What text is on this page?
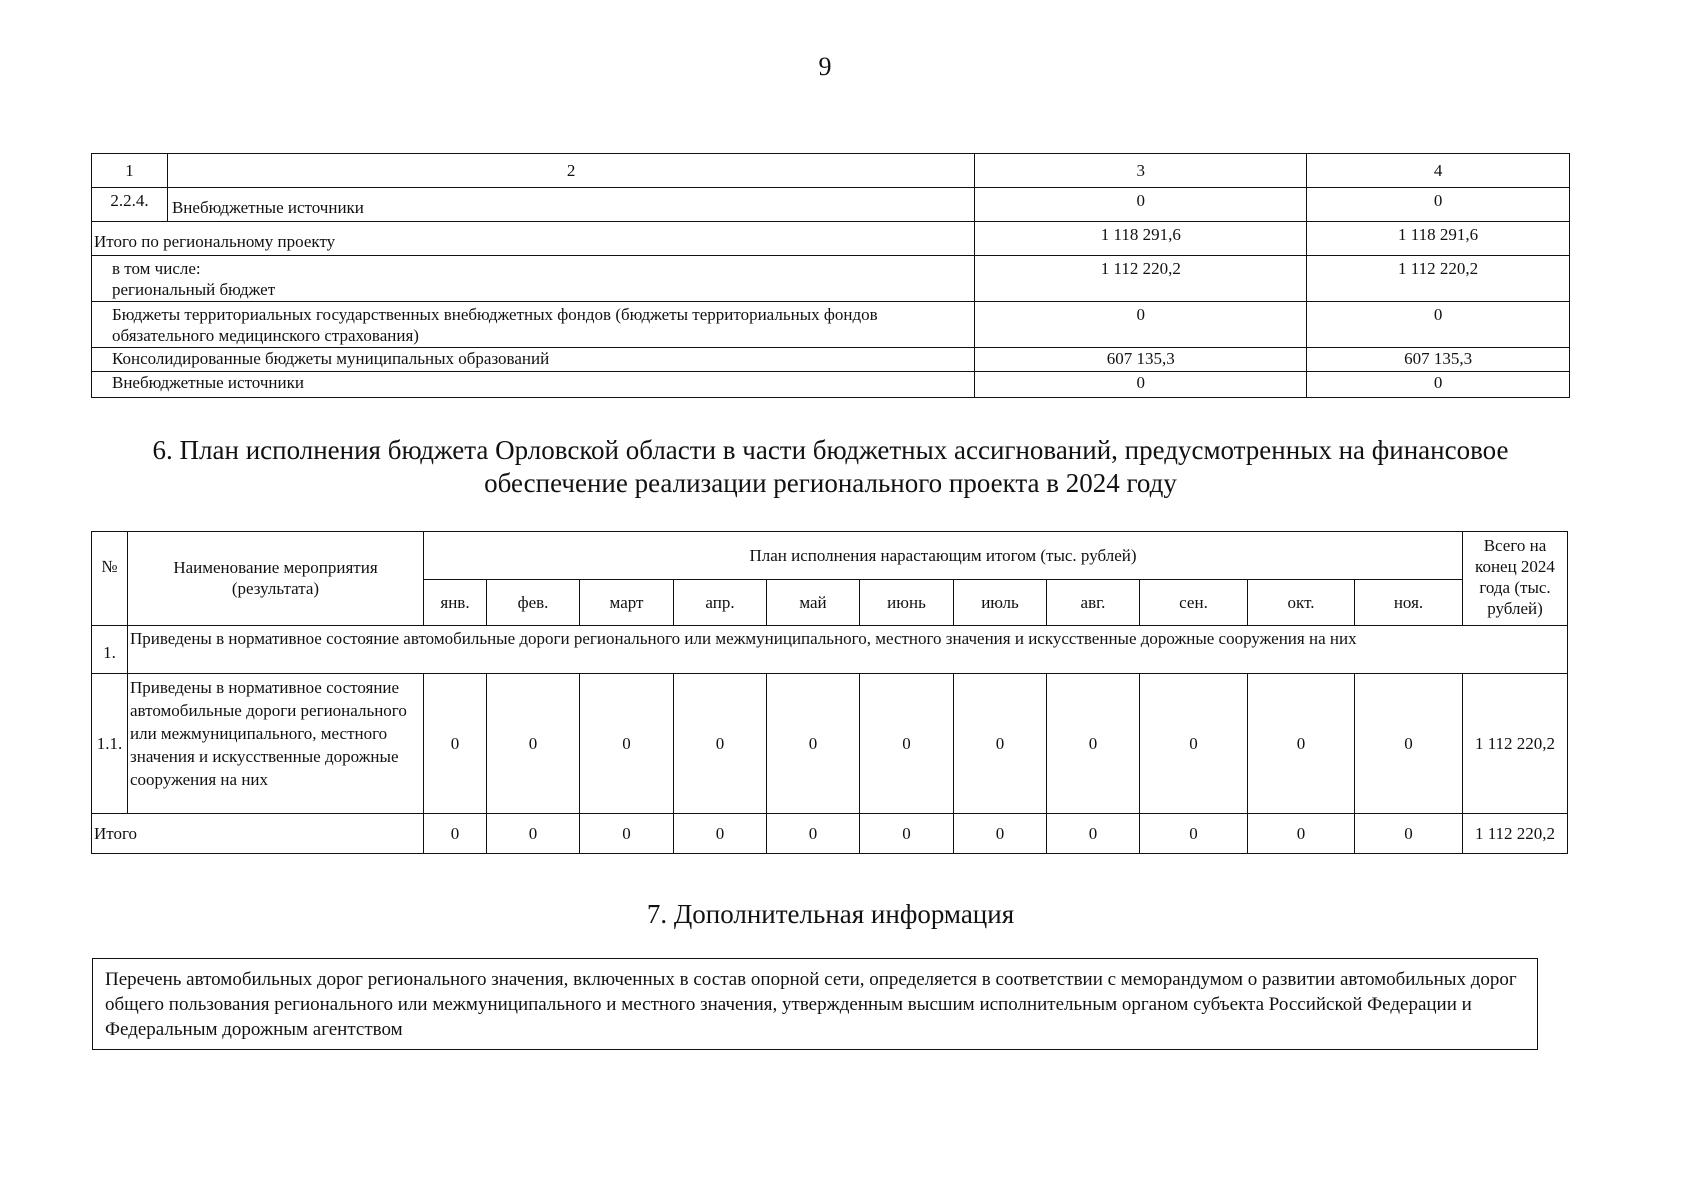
9
1	2	3	4
2.2.4.	Внебюджетные источники	0	0
Итого по региональному проекту		1 118 291,6	1 118 291,6

в том числе:
региональный бюджет		1 112 220,2	1 112 220,2
Бюджеты территориальных государственных внебюджетных фондов (бюджеты территориальных фондов обязательного медицинского страхования)		0	0
Консолидированные бюджеты муниципальных образований		607 135,3	607 135,3
Внебюджетные источники		0	0
6. План исполнения бюджета Орловской области в части бюджетных ассигнований, предусмотренных на финансовое
обеспечение реализации регионального проекта в 2024 году
№	Наименование мероприятия (результата)	План исполнения нарастающим итогом (тыс. рублей)											Всего на конец 2024 года (тыс. рублей)
		янв.	фев.	март	апр.	май	июнь	июль	авг.	сен.	окт.	ноя.	
1.	Приведены в нормативное состояние автомобильные дороги регионального или межмуниципального, местного значения и искусственные дорожные сооружения на них												
1.1.	Приведены в нормативное состояние автомобильные дороги регионального или межмуниципального, местного значения и искусственные дорожные сооружения на них	0	0	0	0	0	0	0	0	0	0	0	1 112 220,2
Итого		0	0	0	0	0	0	0	0	0	0	0	1 112 220,2
7. Дополнительная информация
Перечень автомобильных дорог регионального значения, включенных в состав опорной сети, определяется в соответствии с меморандумом о развитии автомобильных дорог общего пользования регионального или межмуниципального и местного значения, утвержденным высшим исполнительным органом субъекта Российской Федерации и Федеральным дорожным агентством
